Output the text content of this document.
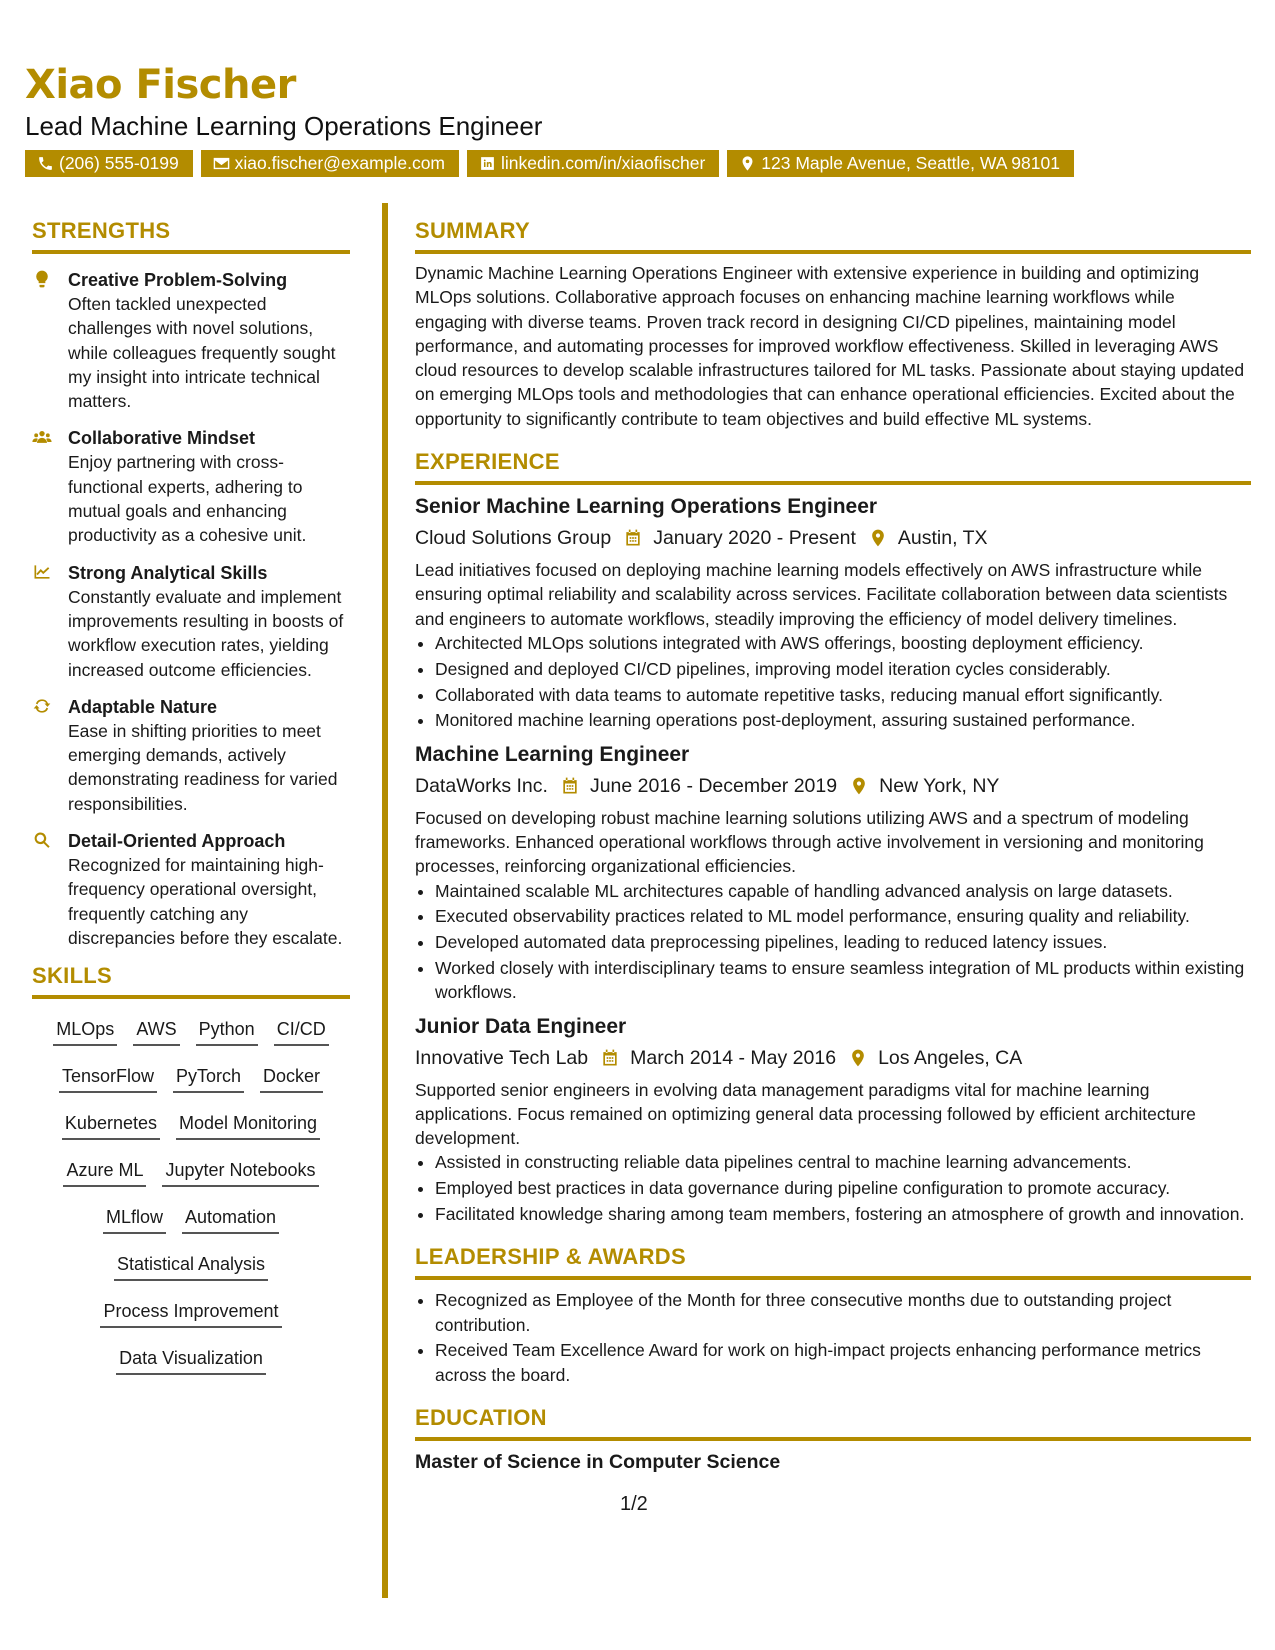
Xiao Fischer
Lead Machine Learning Operations Engineer
(206) 555-0199	xiao.fischer@example.com	linkedin.com/in/xiaofischer	123 Maple Avenue, Seattle, WA 98101
STRENGTHS
Creative Problem-Solving
Often tackled unexpected challenges with novel solutions, while colleagues frequently sought my insight into intricate technical matters.
Collaborative Mindset
Enjoy partnering with cross-functional experts, adhering to mutual goals and enhancing productivity as a cohesive unit.
Strong Analytical Skills
Constantly evaluate and implement improvements resulting in boosts of workflow execution rates, yielding increased outcome efficiencies.
Adaptable Nature
Ease in shifting priorities to meet emerging demands, actively demonstrating readiness for varied responsibilities.
Detail-Oriented Approach
Recognized for maintaining high-frequency operational oversight, frequently catching any discrepancies before they escalate.
SKILLS
MLOps AWS Python CI/CD
TensorFlow PyTorch Docker
Kubernetes Model Monitoring
Azure ML Jupyter Notebooks
MLflow Automation
Statistical Analysis
Process Improvement
Data Visualization
SUMMARY
Dynamic Machine Learning Operations Engineer with extensive experience in building and optimizing MLOps solutions. Collaborative approach focuses on enhancing machine learning workflows while engaging with diverse teams. Proven track record in designing CI/CD pipelines, maintaining model performance, and automating processes for improved workflow effectiveness. Skilled in leveraging AWS cloud resources to develop scalable infrastructures tailored for ML tasks. Passionate about staying updated on emerging MLOps tools and methodologies that can enhance operational efficiencies. Excited about the opportunity to significantly contribute to team objectives and build effective ML systems.
EXPERIENCE
Senior Machine Learning Operations Engineer
Cloud Solutions Group January 2020 - Present Austin, TX
Lead initiatives focused on deploying machine learning models effectively on AWS infrastructure while ensuring optimal reliability and scalability across services. Facilitate collaboration between data scientists and engineers to automate workflows, steadily improving the efficiency of model delivery timelines.
• Architected MLOps solutions integrated with AWS offerings, boosting deployment efficiency.
• Designed and deployed CI/CD pipelines, improving model iteration cycles considerably.
• Collaborated with data teams to automate repetitive tasks, reducing manual effort significantly.
• Monitored machine learning operations post-deployment, assuring sustained performance.
Machine Learning Engineer
DataWorks Inc. June 2016 - December 2019 New York, NY
Focused on developing robust machine learning solutions utilizing AWS and a spectrum of modeling frameworks. Enhanced operational workflows through active involvement in versioning and monitoring processes, reinforcing organizational efficiencies.
• Maintained scalable ML architectures capable of handling advanced analysis on large datasets.
• Executed observability practices related to ML model performance, ensuring quality and reliability.
• Developed automated data preprocessing pipelines, leading to reduced latency issues.
• Worked closely with interdisciplinary teams to ensure seamless integration of ML products within existing workflows.
Junior Data Engineer
Innovative Tech Lab March 2014 - May 2016 Los Angeles, CA
Supported senior engineers in evolving data management paradigms vital for machine learning applications. Focus remained on optimizing general data processing followed by efficient architecture development.
• Assisted in constructing reliable data pipelines central to machine learning advancements.
• Employed best practices in data governance during pipeline configuration to promote accuracy.
• Facilitated knowledge sharing among team members, fostering an atmosphere of growth and innovation.
LEADERSHIP & AWARDS
• Recognized as Employee of the Month for three consecutive months due to outstanding project contribution.
• Received Team Excellence Award for work on high-impact projects enhancing performance metrics across the board.
EDUCATION
Master of Science in Computer Science
1/2
